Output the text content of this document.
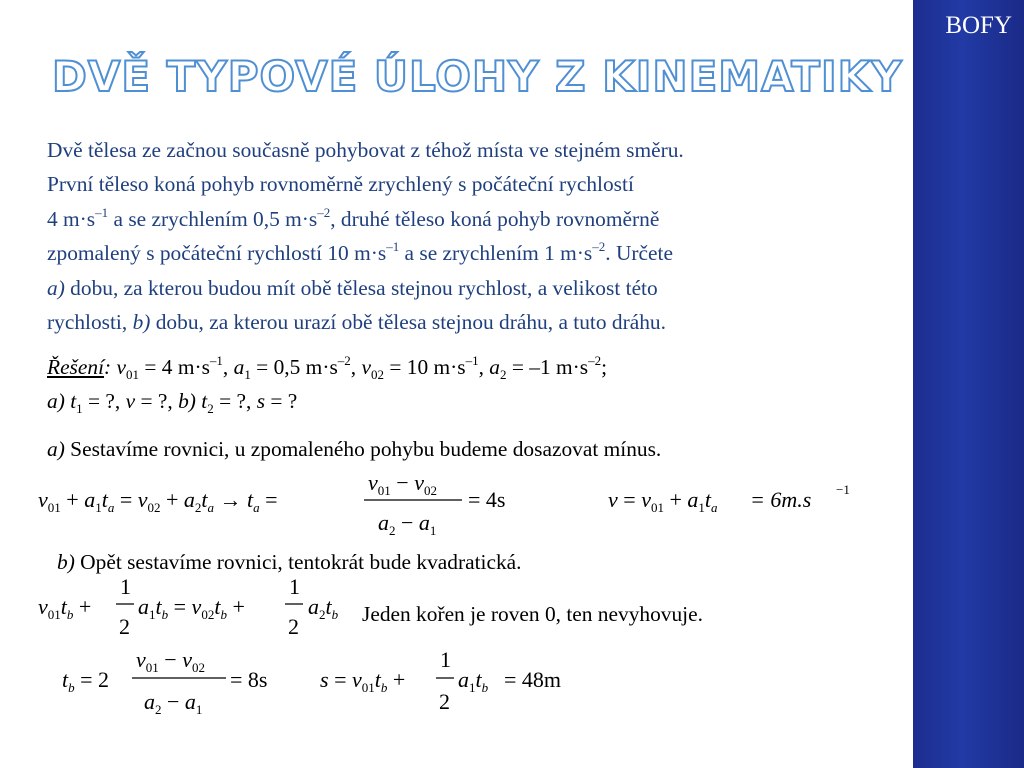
BOFY
DVĚ TYPOVÉ ÚLOHY Z KINEMATIKY
Dvě tělesa ze začnou současně pohybovat z téhož místa ve stejném směru.
První těleso koná pohyb rovnoměrně zrychlený s počáteční rychlostí
4 $m\cdot s^{-1}$ a se zrychlením 0,5 $m\cdot s^{-2}$, druhé těleso koná pohyb rovnoměrně
zpomalený s počáteční rychlostí 10 $m\cdot s^{-1}$ a se zrychlením 1 $m\cdot s^{-2}$. Určete
a) dobu, za kterou budou mít obě tělesa stejnou rychlost, a velikost této
rychlosti, b) dobu, za kterou urazí obě tělesa stejnou dráhu, a tuto dráhu.
Řešení: $v_{01} = 4$ $m\cdot s^{-1}$, $a_1 = 0,5$ $m\cdot s^{-2}$, $v_{02} = 10$ $m\cdot s^{-1}$, $a_2 = -1$ $m\cdot s^{-2}$;
a) $t_1$ = ?, v = ?, b) $t_2$ = ?, s = ?
a) Sestavíme rovnici, u zpomaleného pohybu budeme dosazovat mínus.
$v_{01} + a_1t_a = v_{02} + a_2t_a \to t_a$ =
$v_{01} - v_{02}$
$a_2 - a_1$
= 4s	$v = v_{01} + a_1t_a = 6m.s -1$
b) Opět sestavíme rovnici, tentokrát bude kvadratická.
$v_{01}t_b$ +
1
2
$a_1t_b = v_{02}t_b$ +
1
2
$a_2t_b$ Jeden kořen je roven 0, ten nevyhovuje.
$t_b = 2$
$v_{01} - v_{02}$
$a_2 - a_1$
= 8s $s = v_{01}t_b$ +
1
2
$a_1t_b = 48m$
